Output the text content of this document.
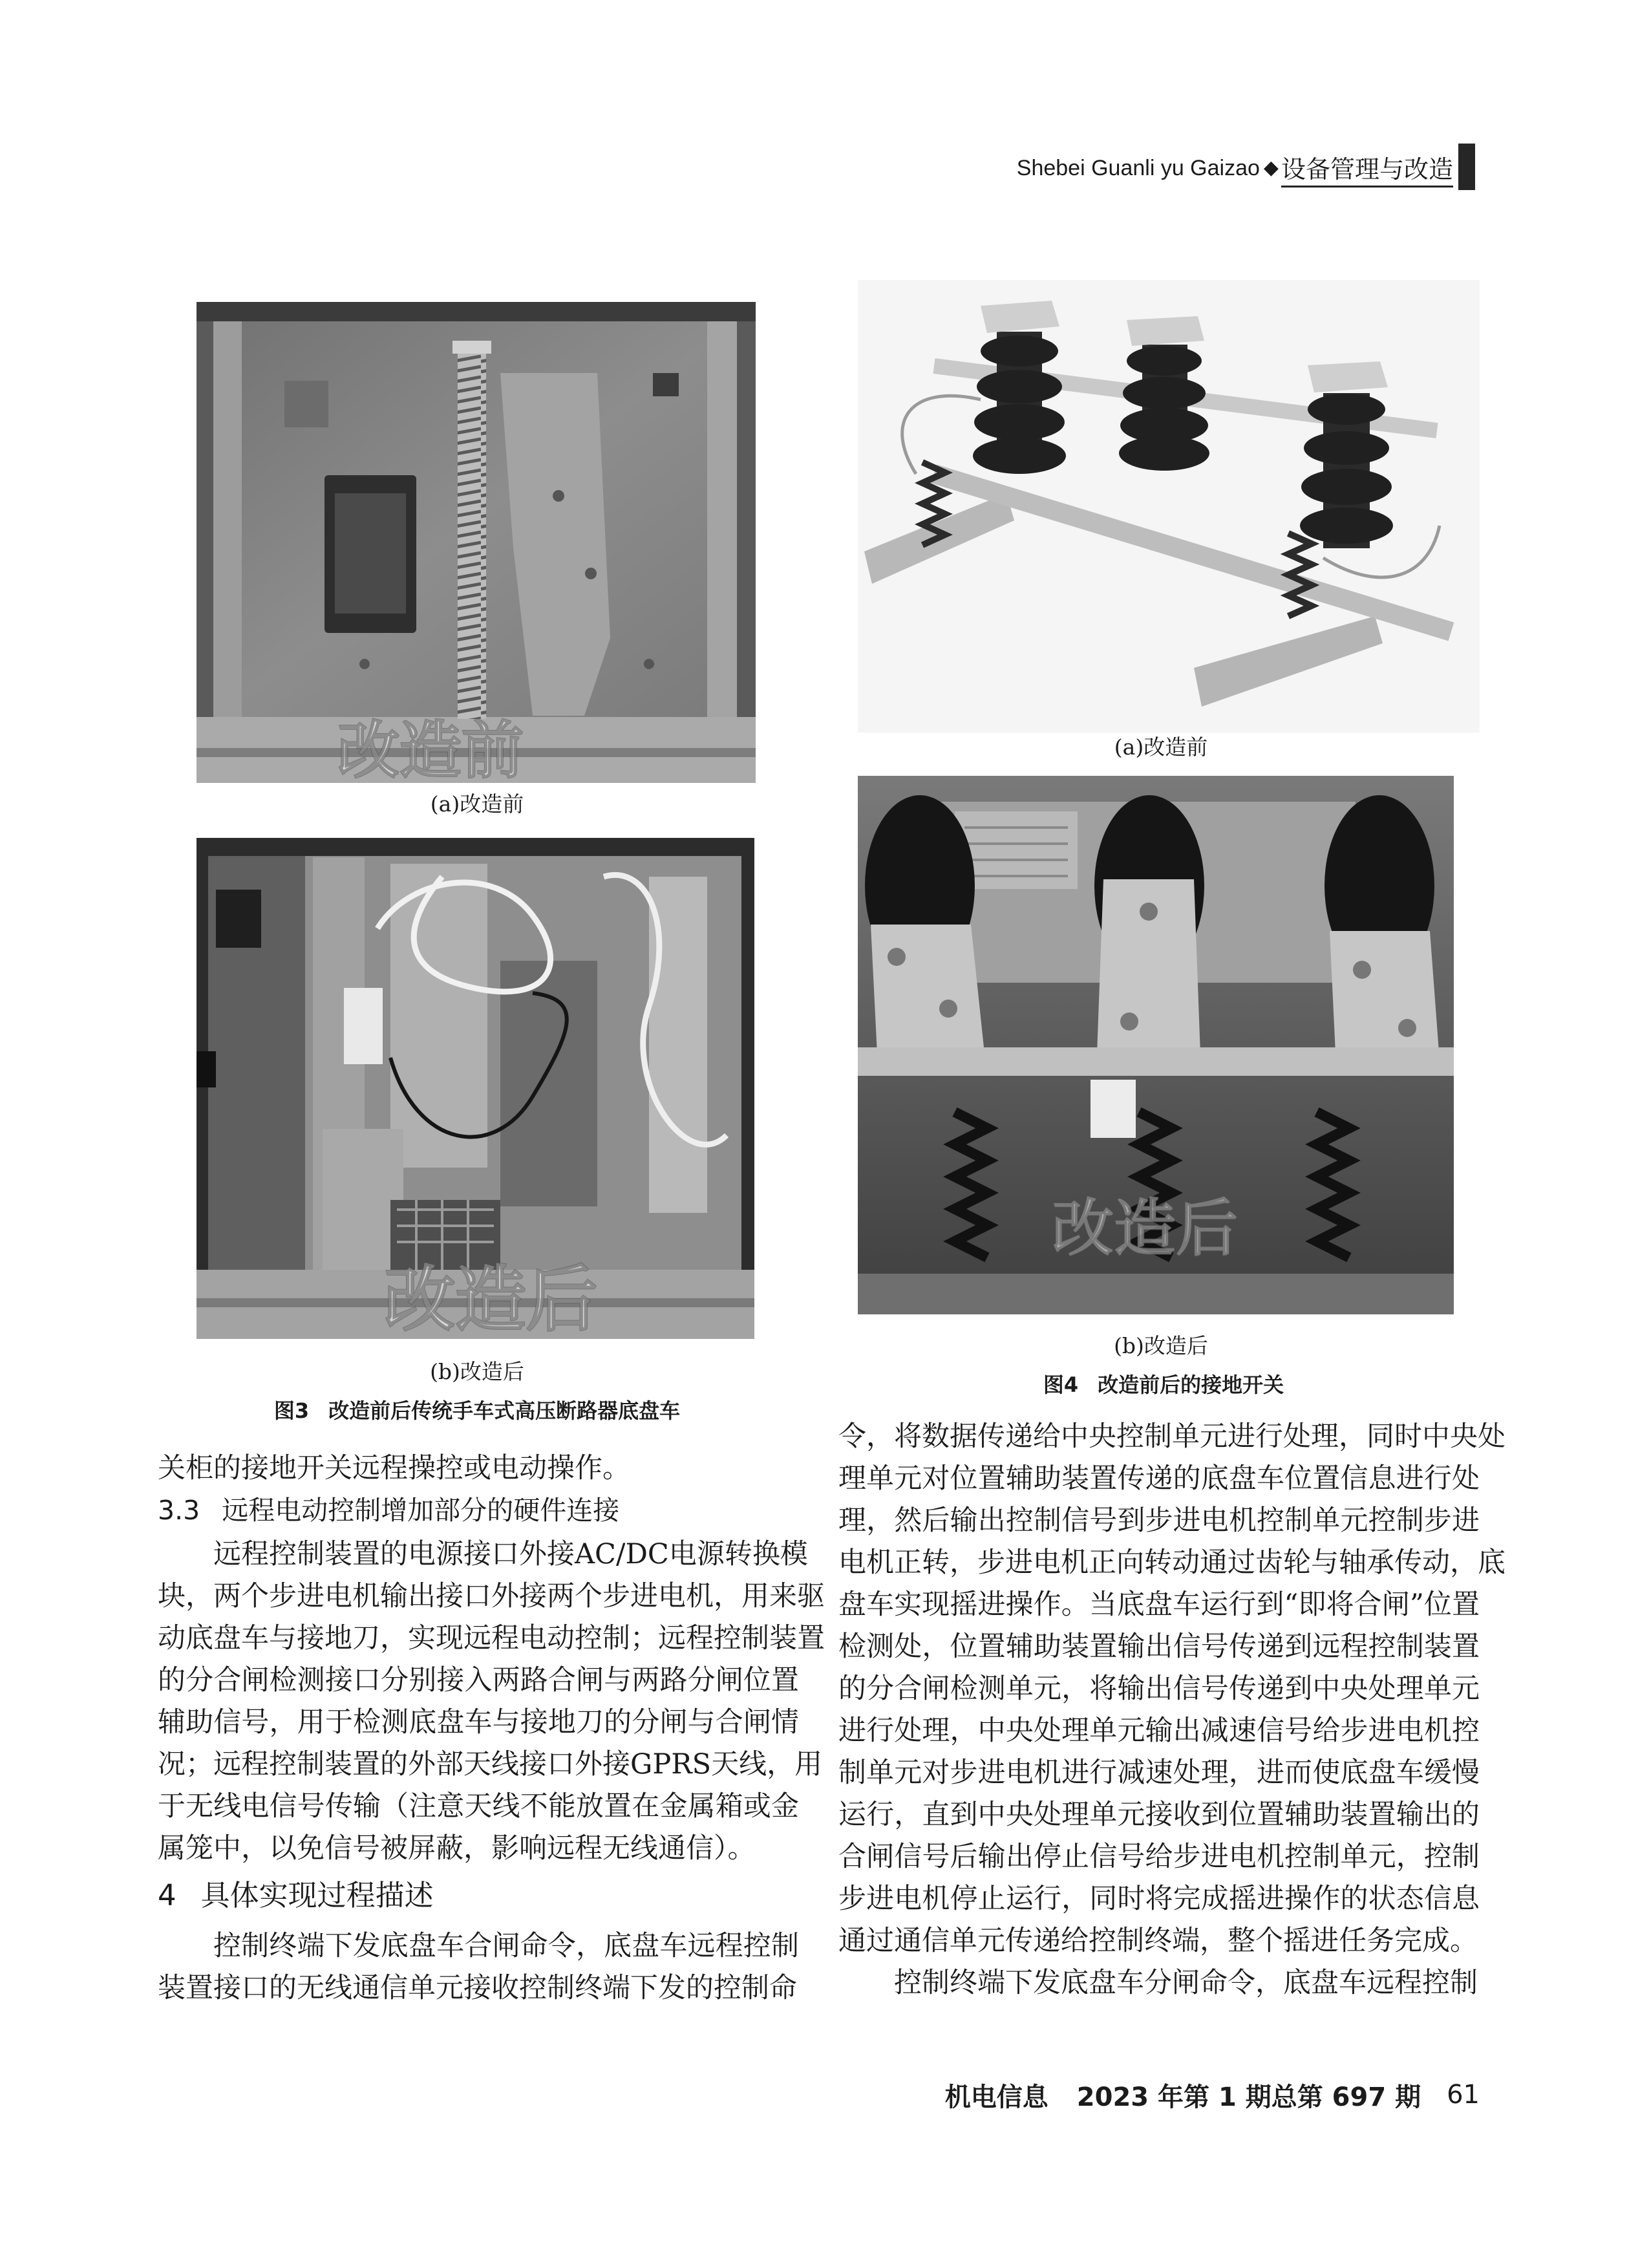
Shebei Guanli yu Gaizao ◆ 设备管理与改造
改造前
(a)改造前
改造后
(b)改造后
图3 改造前后传统手车式高压断路器底盘车
(a)改造前
改造后
(b)改造后
图4 改造前后的接地开关
关柜的接地开关远程操控或电动操作。
3.3 远程电动控制增加部分的硬件连接
远程控制装置的电源接口外接AC/DC电源转换模
块，两个步进电机输出接口外接两个步进电机，用来驱
动底盘车与接地刀，实现远程电动控制；远程控制装置
的分合闸检测接口分别接入两路合闸与两路分闸位置
辅助信号，用于检测底盘车与接地刀的分闸与合闸情
况；远程控制装置的外部天线接口外接GPRS天线，用
于无线电信号传输（注意天线不能放置在金属箱或金
属笼中，以免信号被屏蔽，影响远程无线通信）。
4 具体实现过程描述
控制终端下发底盘车合闸命令，底盘车远程控制
装置接口的无线通信单元接收控制终端下发的控制命
令，将数据传递给中央控制单元进行处理，同时中央处
理单元对位置辅助装置传递的底盘车位置信息进行处
理，然后输出控制信号到步进电机控制单元控制步进
电机正转，步进电机正向转动通过齿轮与轴承传动，底
盘车实现摇进操作。当底盘车运行到“即将合闸”位置
检测处，位置辅助装置输出信号传递到远程控制装置
的分合闸检测单元，将输出信号传递到中央处理单元
进行处理，中央处理单元输出减速信号给步进电机控
制单元对步进电机进行减速处理，进而使底盘车缓慢
运行，直到中央处理单元接收到位置辅助装置输出的
合闸信号后输出停止信号给步进电机控制单元，控制
步进电机停止运行，同时将完成摇进操作的状态信息
通过通信单元传递给控制终端，整个摇进任务完成。
控制终端下发底盘车分闸命令，底盘车远程控制
机电信息 2023 年第 1 期总第 697 期 61
